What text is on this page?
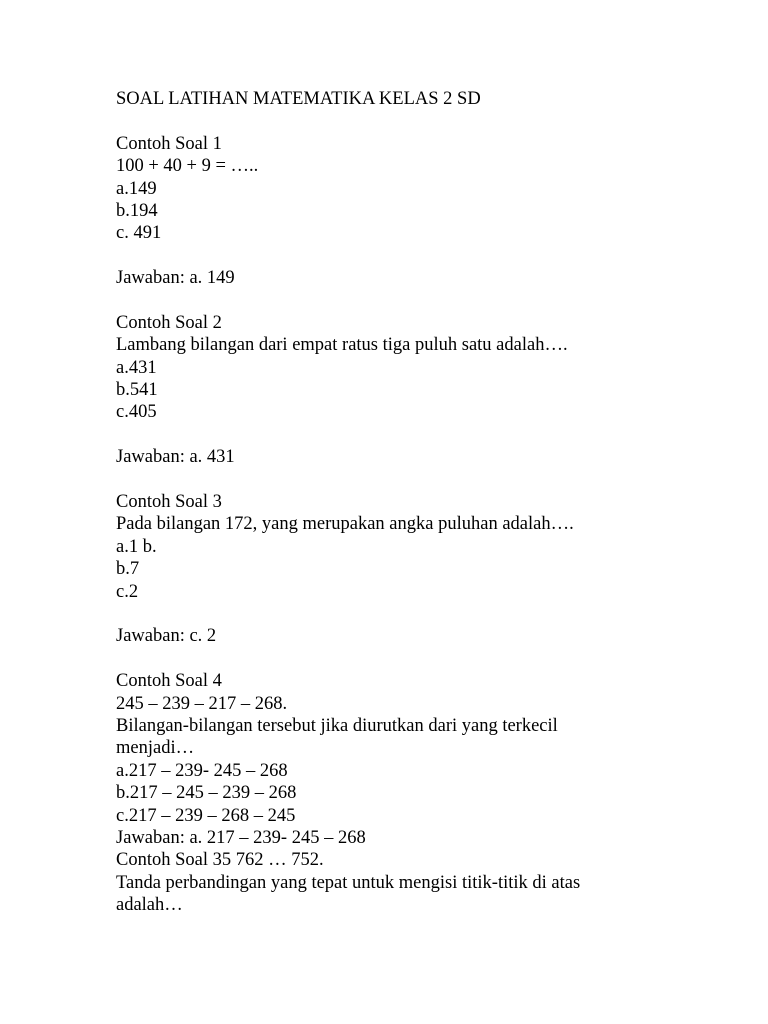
SOAL LATIHAN MATEMATIKA KELAS 2 SD
Contoh Soal 1
100 + 40 + 9 = …..
a.149
b.194
c. 491
Jawaban: a. 149
Contoh Soal 2
Lambang bilangan dari empat ratus tiga puluh satu adalah….
a.431
b.541
c.405
Jawaban: a. 431
Contoh Soal 3
Pada bilangan 172, yang merupakan angka puluhan adalah….
a.1 b.
b.7
c.2
Jawaban: c. 2
Contoh Soal 4
245 – 239 – 217 – 268.
Bilangan-bilangan tersebut jika diurutkan dari yang terkecil
menjadi…
a.217 – 239- 245 – 268
b.217 – 245 – 239 – 268
c.217 – 239 – 268 – 245
Jawaban: a. 217 – 239- 245 – 268
Contoh Soal 35 762 … 752.
Tanda perbandingan yang tepat untuk mengisi titik-titik di atas
adalah…
